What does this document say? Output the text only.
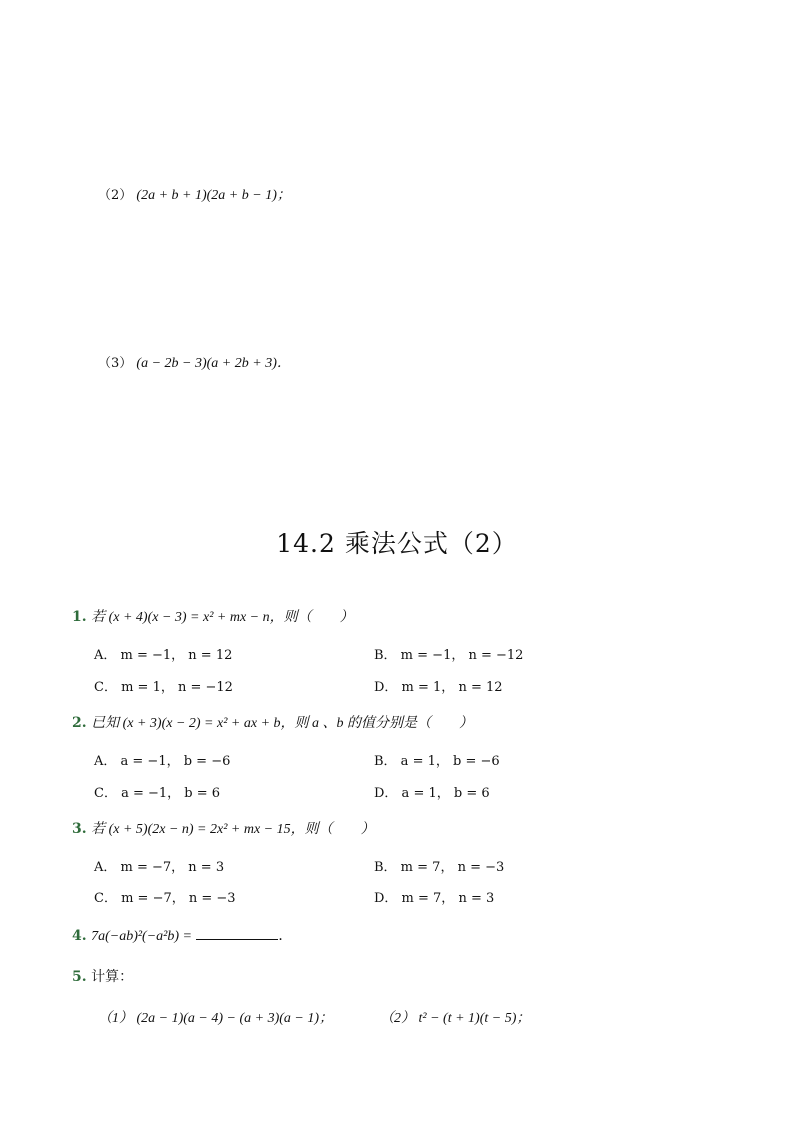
（2） (2a + b + 1)(2a + b − 1)；
（3） (a − 2b − 3)(a + 2b + 3)．
14.2 乘法公式（2）
1. 若 (x + 4)(x − 3) = x² + mx − n，则（　　）
A． m = −1， n = 12	B． m = −1， n = −12
C． m = 1， n = −12	D． m = 1， n = 12
2. 已知 (x + 3)(x − 2) = x² + ax + b，则 a 、b 的值分别是（　　）
A． a = −1， b = −6	B． a = 1， b = −6
C． a = −1， b = 6	D． a = 1， b = 6
3. 若 (x + 5)(2x − n) = 2x² + mx − 15，则（　　）
A． m = −7， n = 3	B． m = 7， n = −3
C． m = −7， n = −3	D． m = 7， n = 3
4. 7a(−ab)²(−a²b) =	．
5. 计算：
（1） (2a − 1)(a − 4) − (a + 3)(a − 1)；	（2） t² − (t + 1)(t − 5)；
